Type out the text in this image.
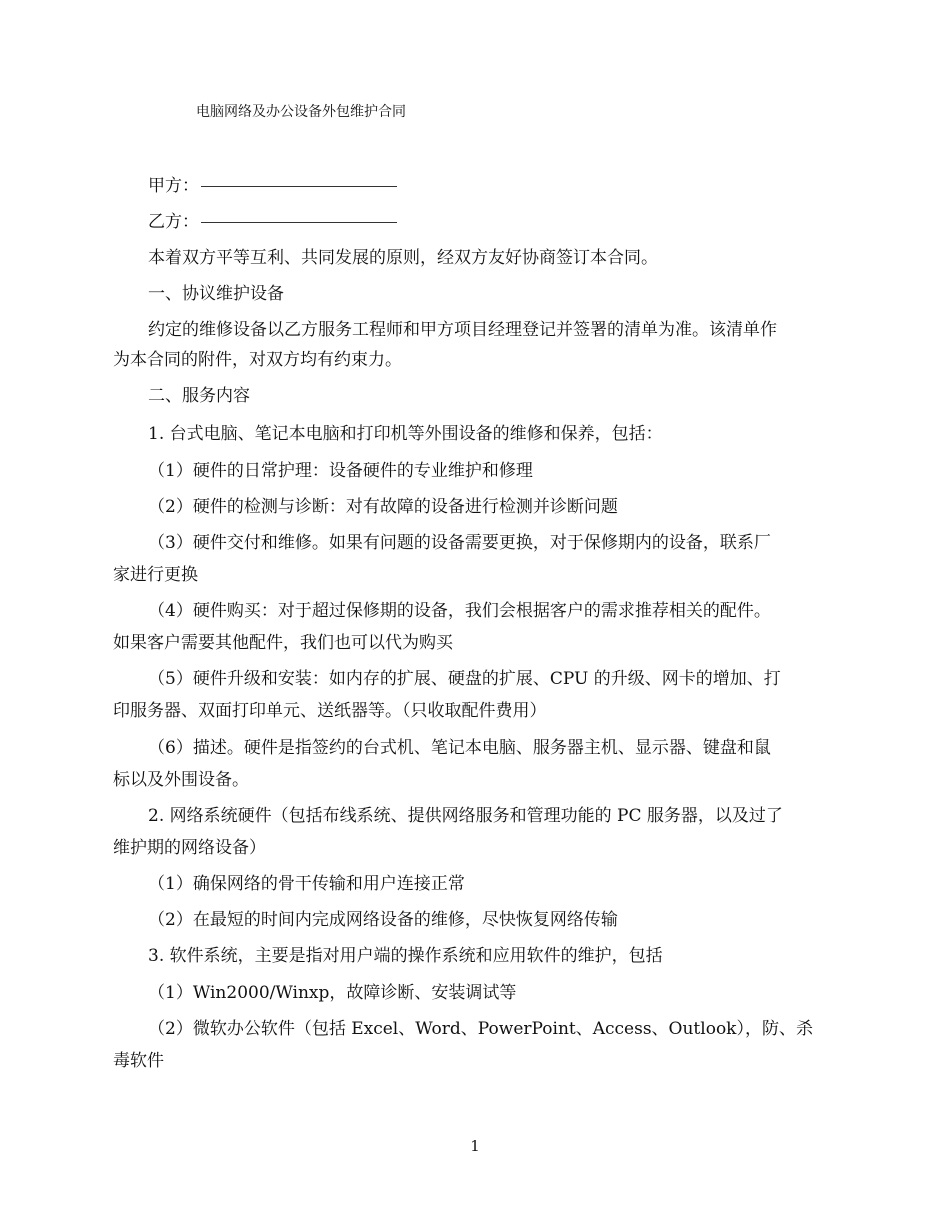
电脑网络及办公设备外包维护合同
甲方：
乙方：

本着双方平等互利、共同发展的原则，经双方友好协商签订本合同。

一、协议维护设备

约定的维修设备以乙方服务工程师和甲方项目经理登记并签署的清单为准。该清单作

为本合同的附件，对双方均有约束力。

二、服务内容

1. 台式电脑、笔记本电脑和打印机等外围设备的维修和保养，包括：

（1）硬件的日常护理：设备硬件的专业维护和修理

（2）硬件的检测与诊断：对有故障的设备进行检测并诊断问题

（3）硬件交付和维修。如果有问题的设备需要更换，对于保修期内的设备，联系厂

家进行更换

（4）硬件购买：对于超过保修期的设备，我们会根据客户的需求推荐相关的配件。

如果客户需要其他配件，我们也可以代为购买

（5）硬件升级和安装：如内存的扩展、硬盘的扩展、CPU 的升级、网卡的增加、打

印服务器、双面打印单元、送纸器等。（只收取配件费用）

（6）描述。硬件是指签约的台式机、笔记本电脑、服务器主机、显示器、键盘和鼠

标以及外围设备。

2. 网络系统硬件（包括布线系统、提供网络服务和管理功能的 PC 服务器，以及过了

维护期的网络设备）

（1）确保网络的骨干传输和用户连接正常

（2）在最短的时间内完成网络设备的维修，尽快恢复网络传输

3. 软件系统，主要是指对用户端的操作系统和应用软件的维护，包括

（1）Win2000/Winxp，故障诊断、安装调试等

（2）微软办公软件（包括 Excel、Word、PowerPoint、Access、Outlook），防、杀

毒软件

1
